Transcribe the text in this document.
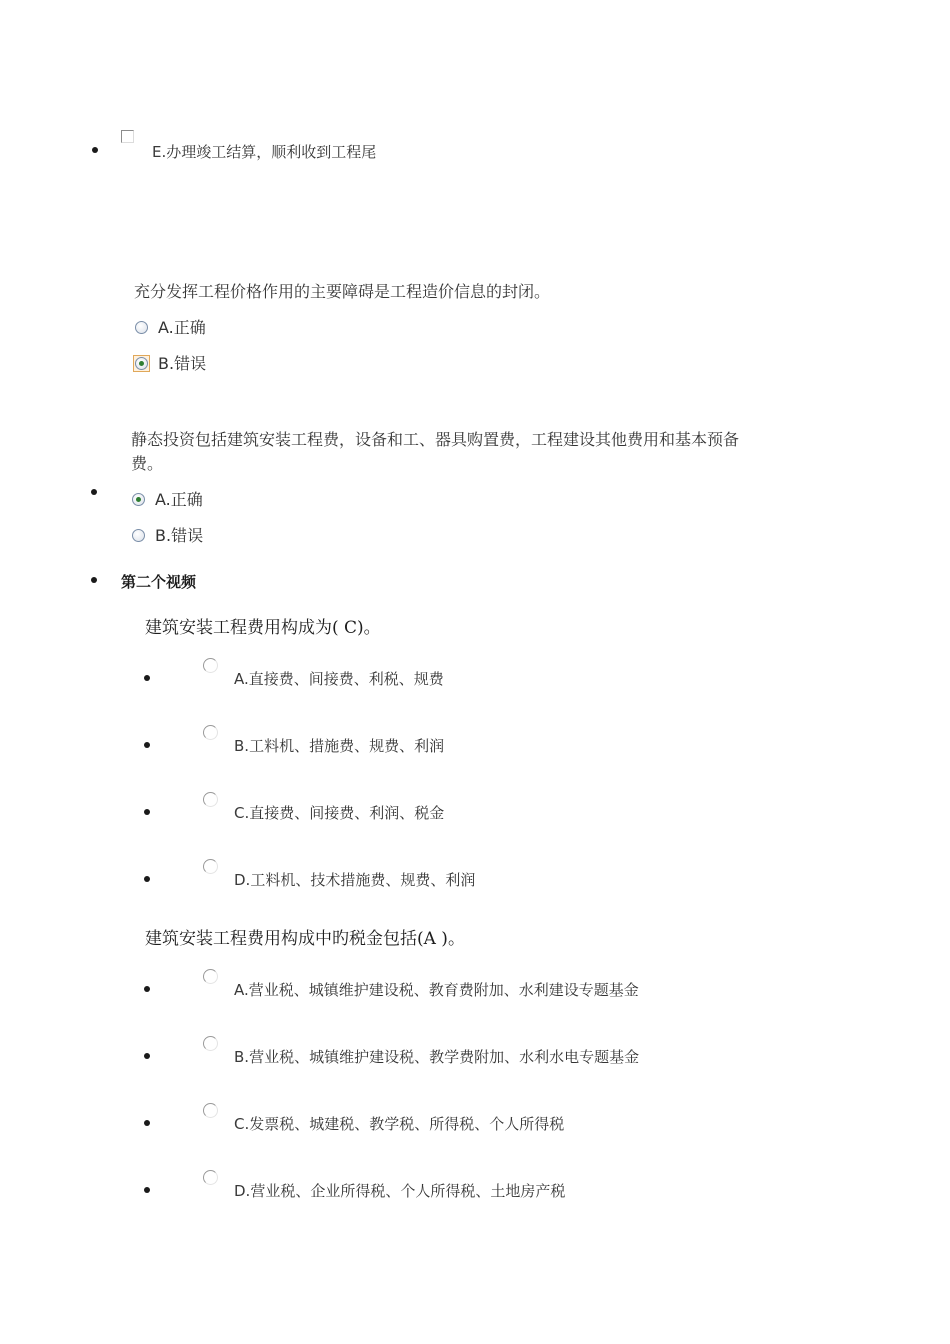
E.办理竣工结算，顺利收到工程尾
充分发挥工程价格作用的主要障碍是工程造价信息的封闭。
A.正确
B.错误
静态投资包括建筑安装工程费，设备和工、器具购置费，工程建设其他费用和基本预备
费。
A.正确
B.错误
第二个视频
建筑安装工程费用构成为( C)。
A.直接费、间接费、利税、规费
B.工料机、措施费、规费、利润
C.直接费、间接费、利润、税金
D.工料机、技术措施费、规费、利润
建筑安装工程费用构成中旳税金包括(A )。
A.营业税、城镇维护建设税、教育费附加、水利建设专题基金
B.营业税、城镇维护建设税、教学费附加、水利水电专题基金
C.发票税、城建税、教学税、所得税、个人所得税
D.营业税、企业所得税、个人所得税、土地房产税
